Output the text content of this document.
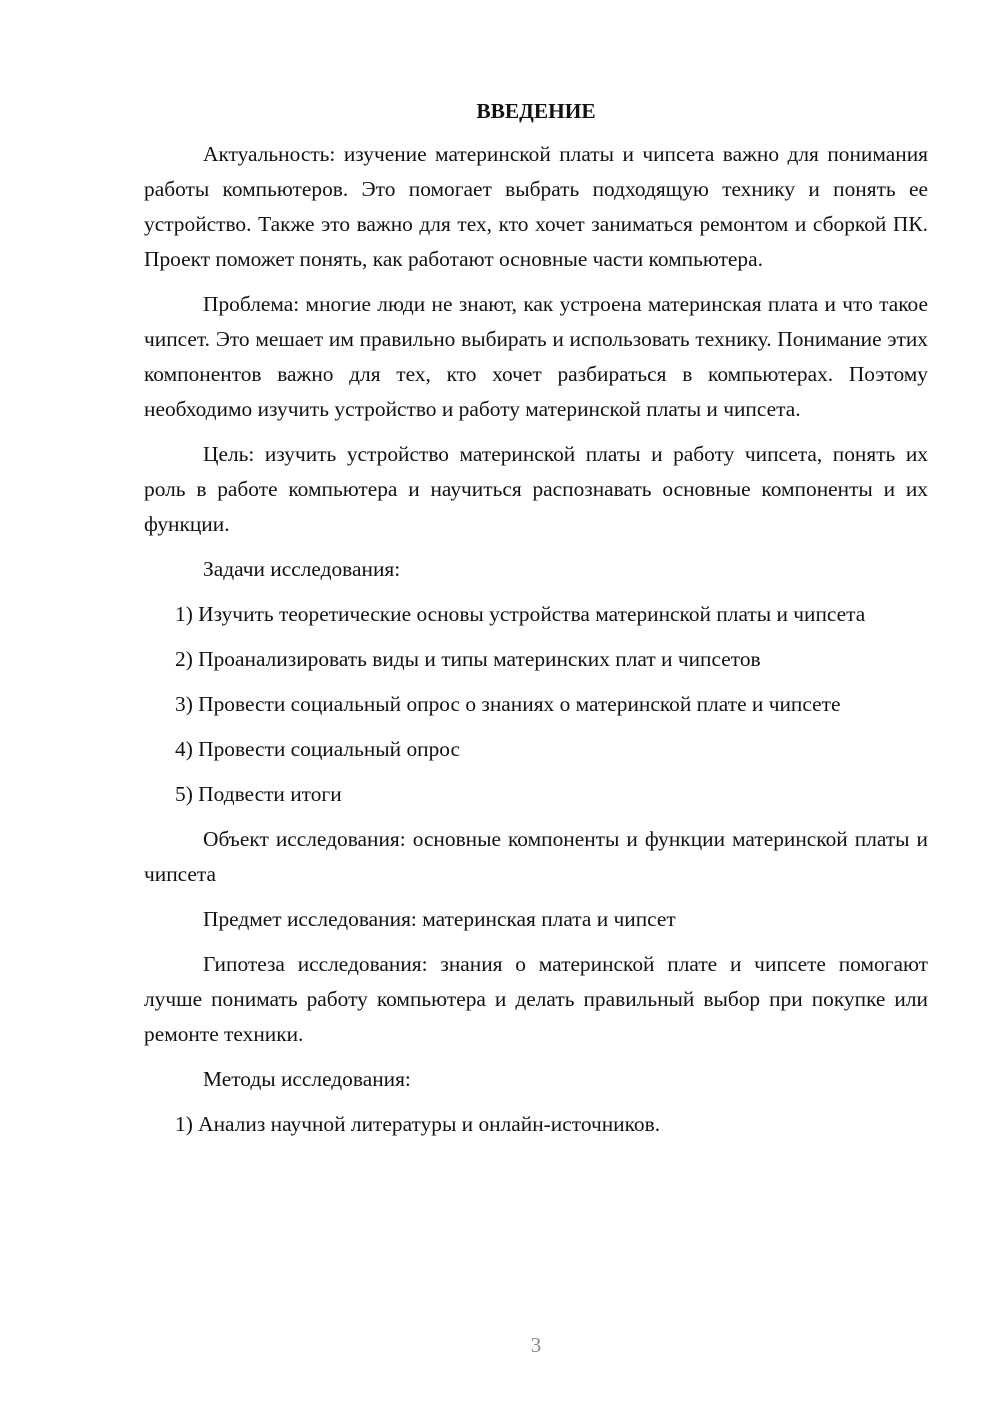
ВВЕДЕНИЕ

Актуальность: изучение материнской платы и чипсета важно для понимания работы компьютеров. Это помогает выбрать подходящую технику и понять ее устройство. Также это важно для тех, кто хочет заниматься ремонтом и сборкой ПК. Проект поможет понять, как работают основные части компьютера.

Проблема: многие люди не знают, как устроена материнская плата и что такое чипсет. Это мешает им правильно выбирать и использовать технику. Понимание этих компонентов важно для тех, кто хочет разбираться в компьютерах. Поэтому необходимо изучить устройство и работу материнской платы и чипсета.

Цель: изучить устройство материнской платы и работу чипсета, понять их роль в работе компьютера и научиться распознавать основные компоненты и их функции.

Задачи исследования:

1) Изучить теоретические основы устройства материнской платы и чипсета

2) Проанализировать виды и типы материнских плат и чипсетов

3) Провести социальный опрос о знаниях о материнской плате и чипсете

4) Провести социальный опрос

5) Подвести итоги

Объект исследования: основные компоненты и функции материнской платы и чипсета

Предмет исследования: материнская плата и чипсет

Гипотеза исследования: знания о материнской плате и чипсете помогают лучше понимать работу компьютера и делать правильный выбор при покупке или ремонте техники.

Методы исследования:

1) Анализ научной литературы и онлайн-источников.

3
